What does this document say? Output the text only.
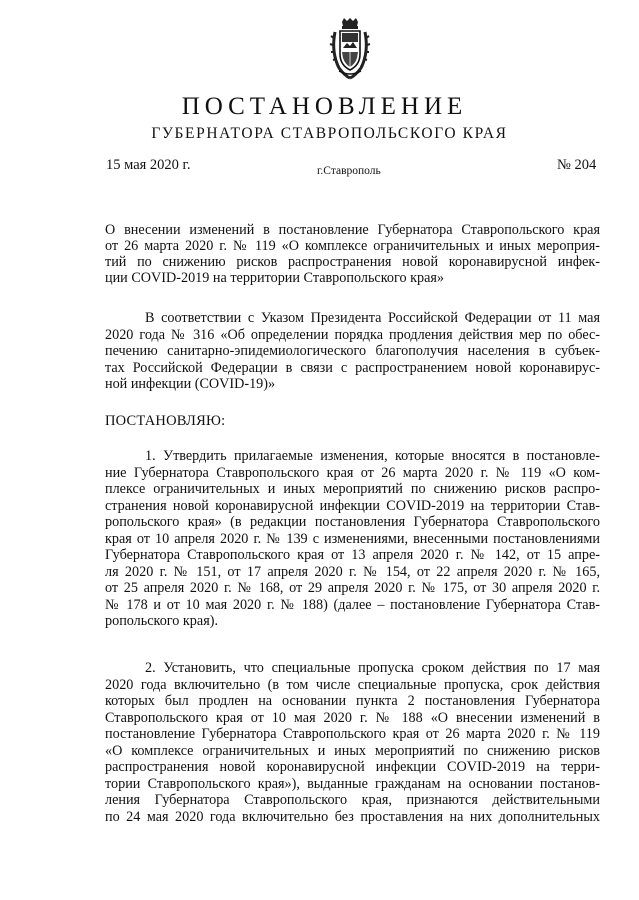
ПОСТАНОВЛЕНИЕ
ГУБЕРНАТОРА СТАВРОПОЛЬСКОГО КРАЯ
15 мая 2020 г.	г.Ставрополь	№ 204
О внесении изменений в постановление Губернатора Ставропольского края
от 26 марта 2020 г. № 119 «О комплексе ограничительных и иных мероприя-
тий по снижению рисков распространения новой коронавирусной инфек-
ции COVID-2019 на территории Ставропольского края»
В соответствии с Указом Президента Российской Федерации от 11 мая
2020 года № 316 «Об определении порядка продления действия мер по обес-
печению санитарно-эпидемиологического благополучия населения в субъек-
тах Российской Федерации в связи с распространением новой коронавирус-
ной инфекции (COVID-19)»
ПОСТАНОВЛЯЮ:
1. Утвердить прилагаемые изменения, которые вносятся в постановле-
ние Губернатора Ставропольского края от 26 марта 2020 г. № 119 «О ком-
плексе ограничительных и иных мероприятий по снижению рисков распро-
странения новой коронавирусной инфекции COVID-2019 на территории Став-
ропольского края» (в редакции постановления Губернатора Ставропольского
края от 10 апреля 2020 г. № 139 с изменениями, внесенными постановлениями
Губернатора Ставропольского края от 13 апреля 2020 г. № 142, от 15 апре-
ля 2020 г. № 151, от 17 апреля 2020 г. № 154, от 22 апреля 2020 г. № 165,
от 25 апреля 2020 г. № 168, от 29 апреля 2020 г. № 175, от 30 апреля 2020 г.
№ 178 и от 10 мая 2020 г. № 188) (далее – постановление Губернатора Став-
ропольского края).
2. Установить, что специальные пропуска сроком действия по 17 мая
2020 года включительно (в том числе специальные пропуска, срок действия
которых был продлен на основании пункта 2 постановления Губернатора
Ставропольского края от 10 мая 2020 г. № 188 «О внесении изменений в
постановление Губернатора Ставропольского края от 26 марта 2020 г. № 119
«О комплексе ограничительных и иных мероприятий по снижению рисков
распространения новой коронавирусной инфекции COVID-2019 на терри-
тории Ставропольского края»), выданные гражданам на основании постанов-
ления Губернатора Ставропольского края, признаются действительными
по 24 мая 2020 года включительно без проставления на них дополнительных
